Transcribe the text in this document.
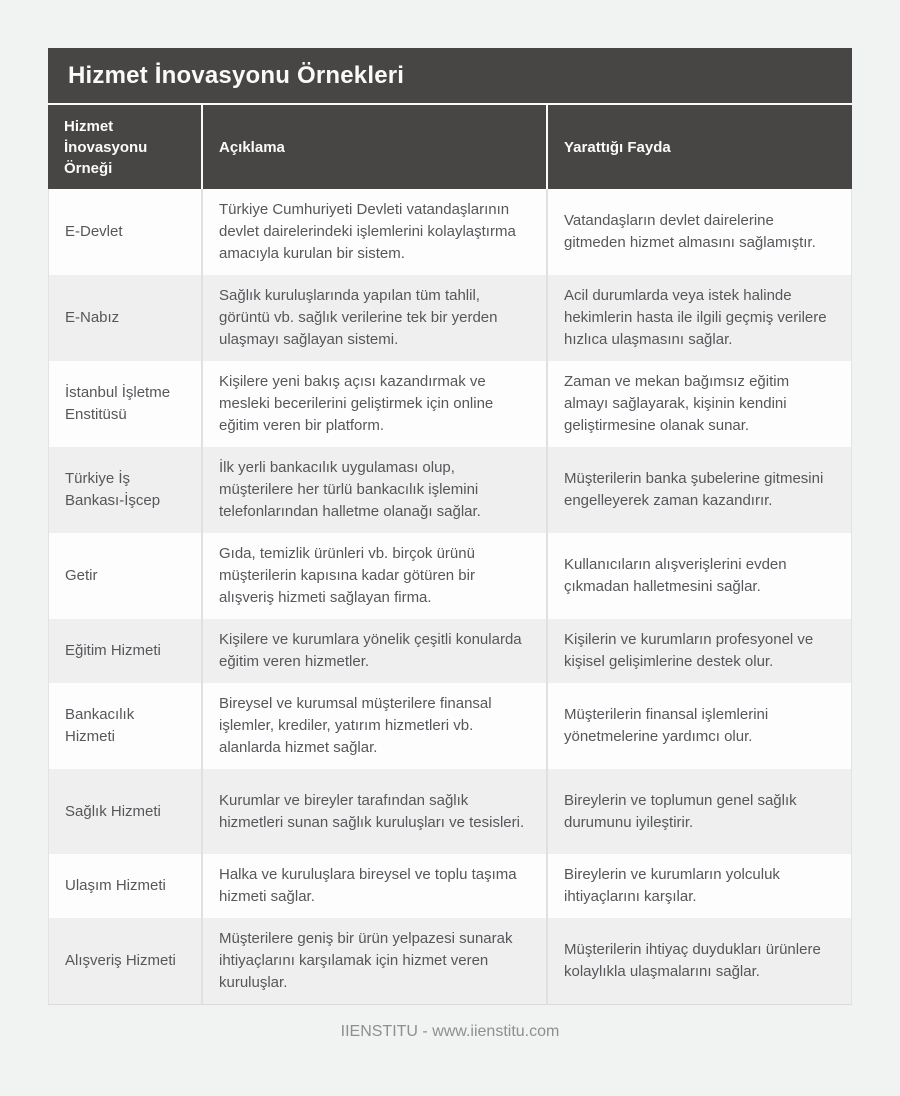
Hizmet İnovasyonu Örnekleri
Hizmet İnovasyonu Örneği	Açıklama	Yarattığı Fayda
E-Devlet	Türkiye Cumhuriyeti Devleti vatandaşlarının devlet dairelerindeki işlemlerini kolaylaştırma amacıyla kurulan bir sistem.	Vatandaşların devlet dairelerine gitmeden hizmet almasını sağlamıştır.
E-Nabız	Sağlık kuruluşlarında yapılan tüm tahlil, görüntü vb. sağlık verilerine tek bir yerden ulaşmayı sağlayan sistemi.	Acil durumlarda veya istek halinde hekimlerin hasta ile ilgili geçmiş verilere hızlıca ulaşmasını sağlar.
İstanbul İşletme Enstitüsü	Kişilere yeni bakış açısı kazandırmak ve mesleki becerilerini geliştirmek için online eğitim veren bir platform.	Zaman ve mekan bağımsız eğitim almayı sağlayarak, kişinin kendini geliştirmesine olanak sunar.
Türkiye İş Bankası-İşcep	İlk yerli bankacılık uygulaması olup, müşterilere her türlü bankacılık işlemini telefonlarından halletme olanağı sağlar.	Müşterilerin banka şubelerine gitmesini engelleyerek zaman kazandırır.
Getir	Gıda, temizlik ürünleri vb. birçok ürünü müşterilerin kapısına kadar götüren bir alışveriş hizmeti sağlayan firma.	Kullanıcıların alışverişlerini evden çıkmadan halletmesini sağlar.
Eğitim Hizmeti	Kişilere ve kurumlara yönelik çeşitli konularda eğitim veren hizmetler.	Kişilerin ve kurumların profesyonel ve kişisel gelişimlerine destek olur.
Bankacılık Hizmeti	Bireysel ve kurumsal müşterilere finansal işlemler, krediler, yatırım hizmetleri vb. alanlarda hizmet sağlar.	Müşterilerin finansal işlemlerini yönetmelerine yardımcı olur.
Sağlık Hizmeti	Kurumlar ve bireyler tarafından sağlık hizmetleri sunan sağlık kuruluşları ve tesisleri.	Bireylerin ve toplumun genel sağlık durumunu iyileştirir.
Ulaşım Hizmeti	Halka ve kuruluşlara bireysel ve toplu taşıma hizmeti sağlar.	Bireylerin ve kurumların yolculuk ihtiyaçlarını karşılar.
Alışveriş Hizmeti	Müşterilere geniş bir ürün yelpazesi sunarak ihtiyaçlarını karşılamak için hizmet veren kuruluşlar.	Müşterilerin ihtiyaç duydukları ürünlere kolaylıkla ulaşmalarını sağlar.
IIENSTITU - www.iienstitu.com
